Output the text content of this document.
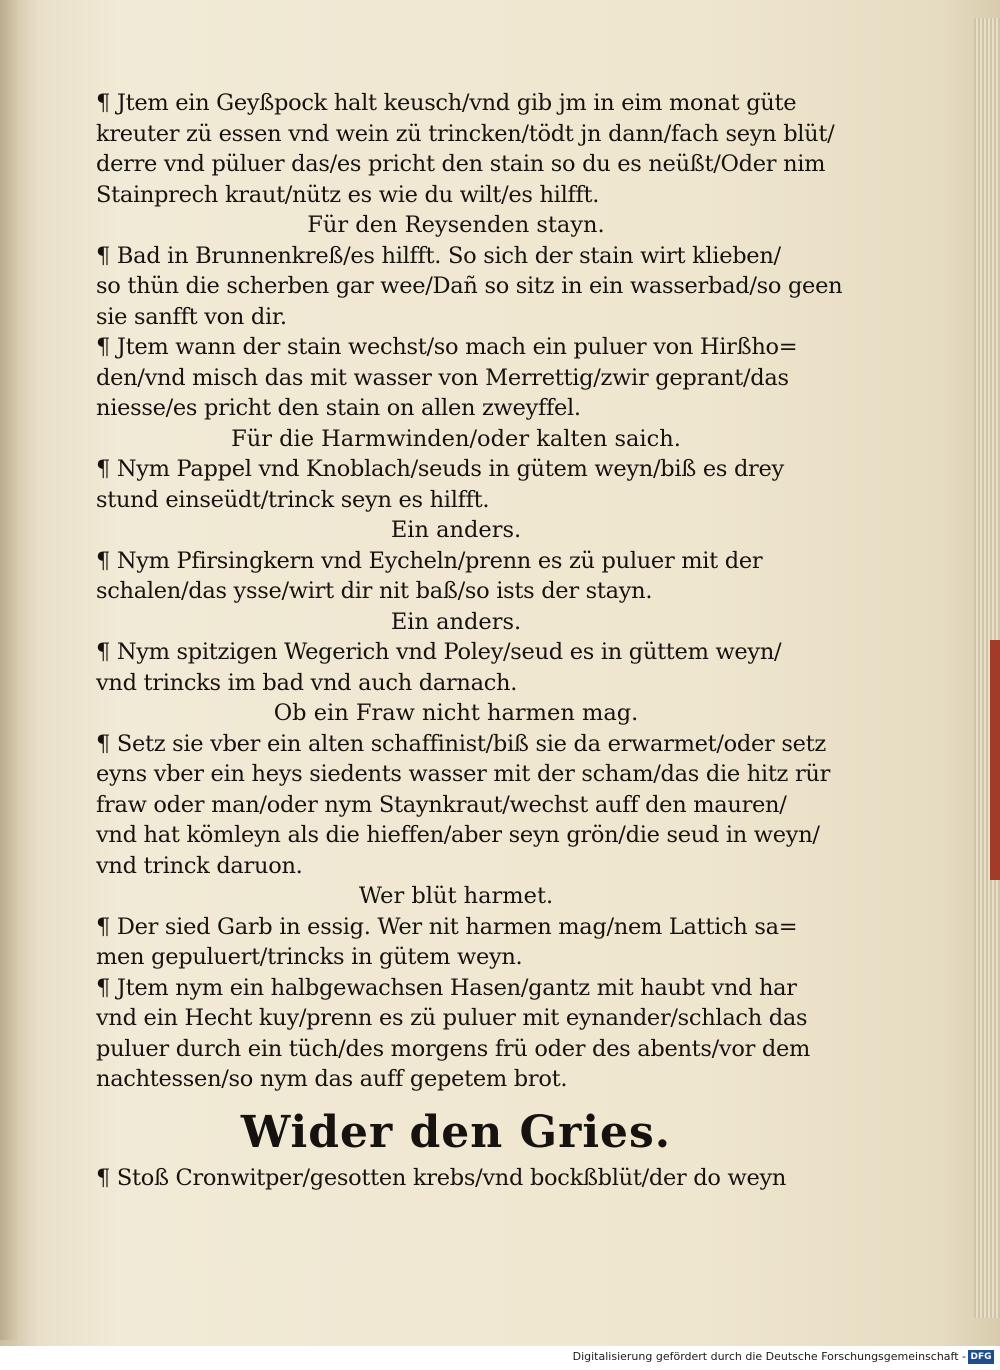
¶ Jtem ein Geyßpock halt keusch/vnd gib jm in eim monat güte
kreuter zü essen vnd wein zü trincken/tödt jn dann/fach seyn blüt/
derre vnd püluer das/es pricht den stain so du es neüßt/Oder nim
Stainprech kraut/nütz es wie du wilt/es hilfft.
Für den Reysenden stayn.
¶ Bad in Brunnenkreß/es hilfft. So sich der stain wirt klieben/
so thün die scherben gar wee/Dañ so sitz in ein wasserbad/so geen
sie sanfft von dir.
¶ Jtem wann der stain wechst/so mach ein puluer von Hirßho=
den/vnd misch das mit wasser von Merrettig/zwir geprant/das
niesse/es pricht den stain on allen zweyffel.
Für die Harmwinden/oder kalten saich.
¶ Nym Pappel vnd Knoblach/seuds in gütem weyn/biß es drey
stund einseüdt/trinck seyn es hilfft.
Ein anders.
¶ Nym Pfirsingkern vnd Eycheln/prenn es zü puluer mit der
schalen/das ysse/wirt dir nit baß/so ists der stayn.
Ein anders.
¶ Nym spitzigen Wegerich vnd Poley/seud es in güttem weyn/
vnd trincks im bad vnd auch darnach.
Ob ein Fraw nicht harmen mag.
¶ Setz sie vber ein alten schaffinist/biß sie da erwarmet/oder setz
eyns vber ein heys siedents wasser mit der scham/das die hitz rür
fraw oder man/oder nym Staynkraut/wechst auff den mauren/
vnd hat kömleyn als die hieffen/aber seyn grön/die seud in weyn/
vnd trinck daruon.
Wer blüt harmet.
¶ Der sied Garb in essig. Wer nit harmen mag/nem Lattich sa=
men gepuluert/trincks in gütem weyn.
¶ Jtem nym ein halbgewachsen Hasen/gantz mit haubt vnd har
vnd ein Hecht kuy/prenn es zü puluer mit eynander/schlach das
puluer durch ein tüch/des morgens frü oder des abents/vor dem
nachtessen/so nym das auff gepetem brot.
Wider den Gries.
¶ Stoß Cronwitper/gesotten krebs/vnd bockßblüt/der do weyn
Digitalisierung gefördert durch die Deutsche Forschungsgemeinschaft - DFG
